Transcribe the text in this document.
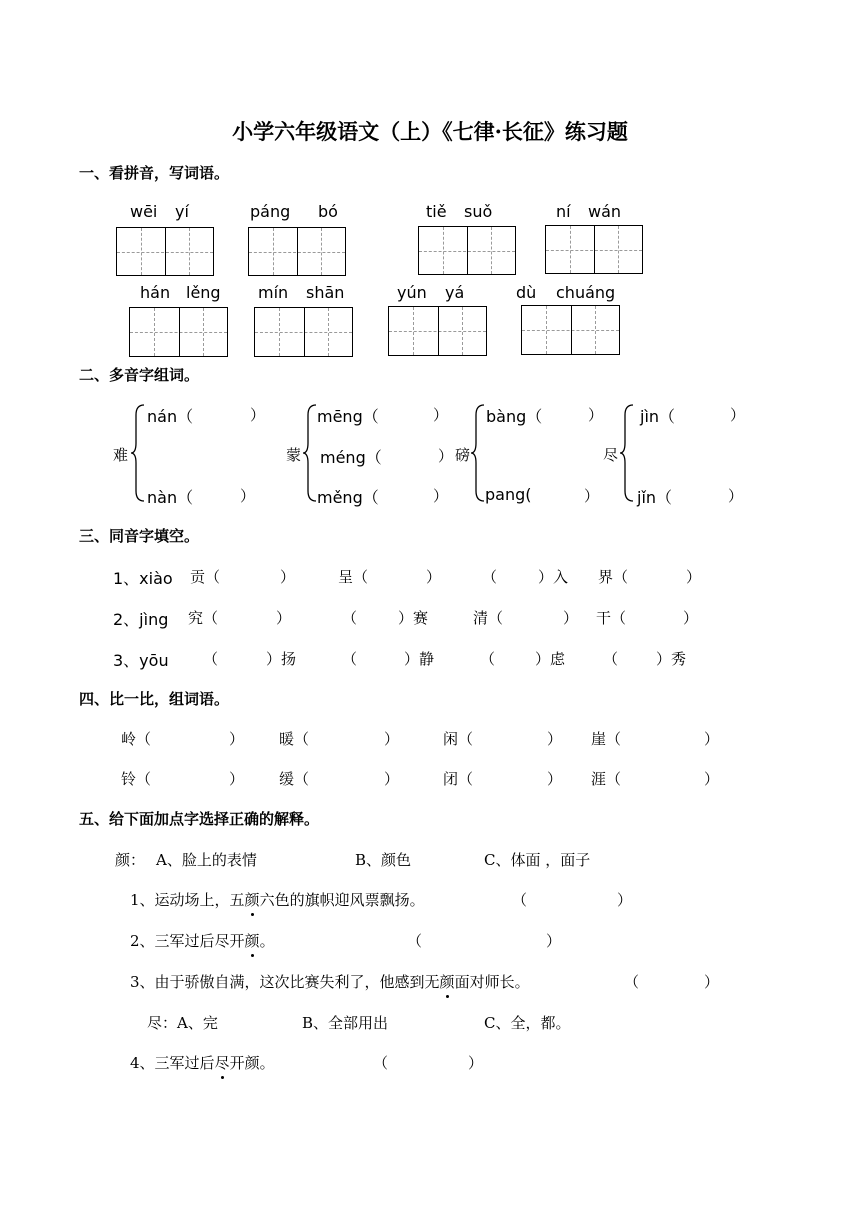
小学六年级语文（上）《七律·长征》练习题
一、看拼音，写词语。
wēi yí	páng bó	tiě suǒ	ní wán
hán lěng mín shān	yún yá	dù chuáng
二、多音字组词。
难
nán（	）
nàn（	）
蒙
mēng（	）
méng（	）
měng（	）
磅
bàng（	）
pang(	）
尽
jìn（	）
jǐn（	）
三、同音字填空。
1、xiào 贡（	）	呈（	）	（	）入 界（	）
2、jìng 究（	）	（	）赛	清（	） 干（	）
3、yōu （	）扬	（	）静	（	）虑	（	）秀
四、比一比，组词语。
岭（	） 暖（	）	闲（	） 崖（	）
铃（	） 缓（	）	闭（	） 涯（	）
五、给下面加点字选择正确的解释。
颜： A、脸上的表情	B、颜色	C、体面 ，面子
1、运动场上，五颜六色的旗帜迎风票飘扬。	（	）
2、三军过后尽开颜。	（	）
3、由于骄傲自满，这次比赛失利了，他感到无颜面对师长。	（	）
尽： A、完	B、全部用出	C、全，都。
4、三军过后尽开颜。	（	）
